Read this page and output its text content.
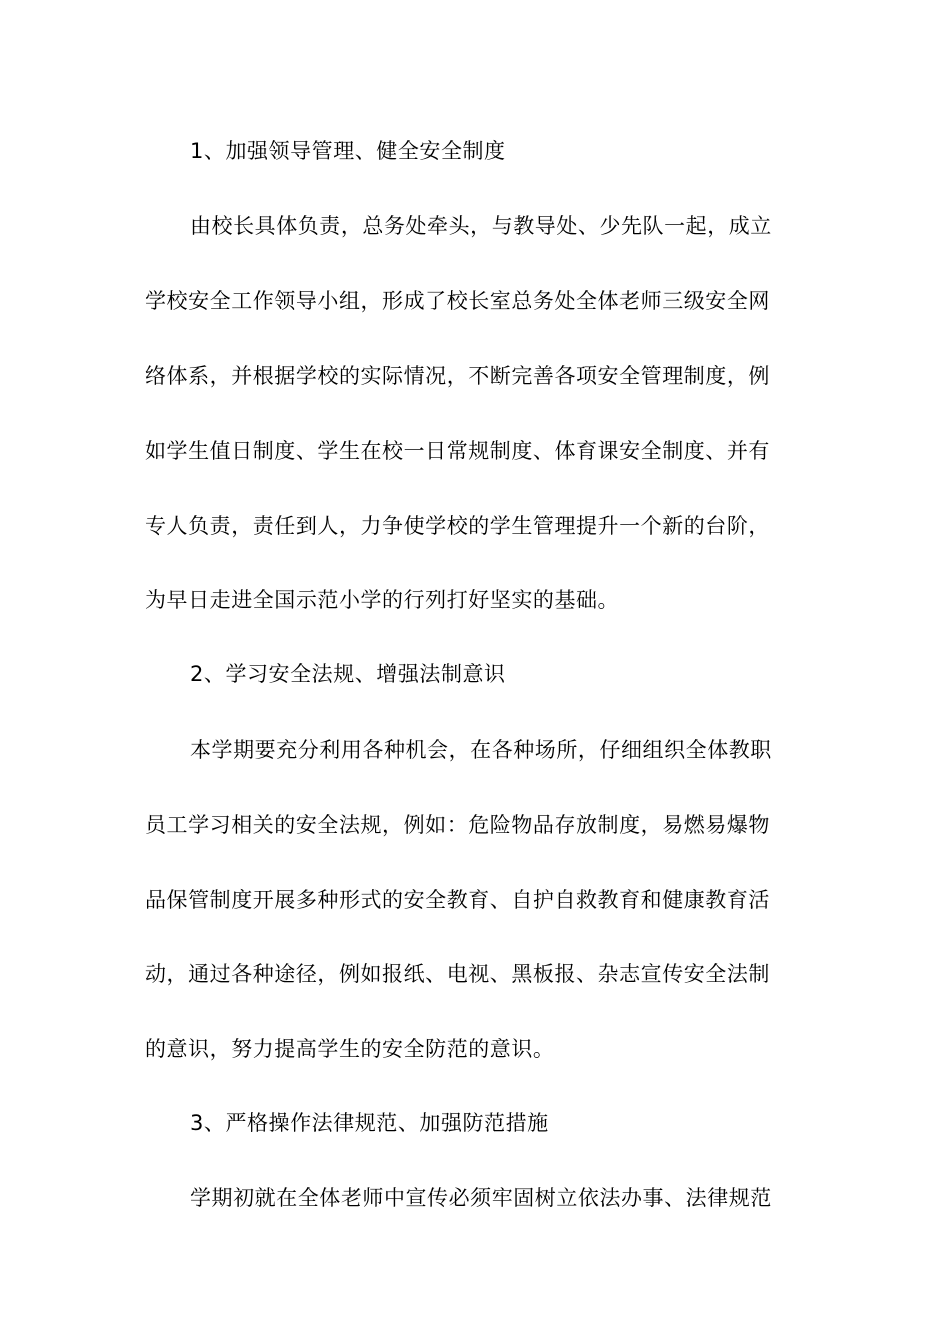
1、加强领导管理、健全安全制度

由校长具体负责，总务处牵头，与教导处、少先队一起，成立

学校安全工作领导小组，形成了校长室总务处全体老师三级安全网

络体系，并根据学校的实际情况，不断完善各项安全管理制度，例

如学生值日制度、学生在校一日常规制度、体育课安全制度、并有

专人负责，责任到人，力争使学校的学生管理提升一个新的台阶，

为早日走进全国示范小学的行列打好坚实的基础。

2、学习安全法规、增强法制意识

本学期要充分利用各种机会，在各种场所，仔细组织全体教职

员工学习相关的安全法规，例如：危险物品存放制度，易燃易爆物

品保管制度开展多种形式的安全教育、自护自救教育和健康教育活

动，通过各种途径，例如报纸、电视、黑板报、杂志宣传安全法制

的意识，努力提高学生的安全防范的意识。

3、严格操作法律规范、加强防范措施

学期初就在全体老师中宣传必须牢固树立依法办事、法律规范
